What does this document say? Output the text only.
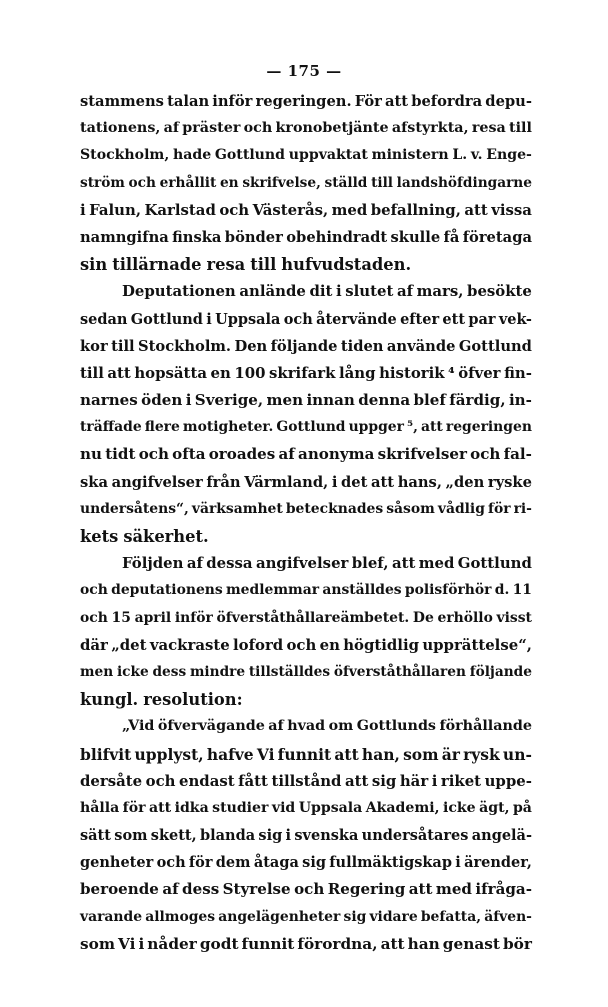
— 175 —
stammens talan inför regeringen. För att befordra depu-
tationens, af präster och kronobetjänte afstyrkta, resa till
Stockholm, hade Gottlund uppvaktat ministern L. v. Enge-
ström och erhållit en skrifvelse, ställd till landshöfdingarne
i Falun, Karlstad och Västerås, med befallning, att vissa
namngifna finska bönder obehindradt skulle få företaga
sin tillärnade resa till hufvudstaden.
Deputationen anlände dit i slutet af mars, besökte
sedan Gottlund i Uppsala och återvände efter ett par vek-
kor till Stockholm. Den följande tiden använde Gottlund
till att hopsätta en 100 skrifark lång historik ⁴ öfver fin-
narnes öden i Sverige, men innan denna blef färdig, in-
träffade flere motigheter. Gottlund uppger ⁵, att regeringen
nu tidt och ofta oroades af anonyma skrifvelser och fal-
ska angifvelser från Värmland, i det att hans, „den ryske
undersåtens“, värksamhet betecknades såsom vådlig för ri-
kets säkerhet.
Följden af dessa angifvelser blef, att med Gottlund
och deputationens medlemmar anställdes polisförhör d. 11
och 15 april inför öfverståthållareämbetet. De erhöllo visst
där „det vackraste loford och en högtidlig upprättelse“,
men icke dess mindre tillställdes öfverståthållaren följande
kungl. resolution:
„Vid öfvervägande af hvad om Gottlunds förhållande
blifvit upplyst, hafve Vi funnit att han, som är rysk un-
dersåte och endast fått tillstånd att sig här i riket uppe-
hålla för att idka studier vid Uppsala Akademi, icke ägt, på
sätt som skett, blanda sig i svenska undersåtares angelä-
genheter och för dem åtaga sig fullmäktigskap i ärender,
beroende af dess Styrelse och Regering att med ifråga-
varande allmoges angelägenheter sig vidare befatta, äfven-
som Vi i nåder godt funnit förordna, att han genast bör
